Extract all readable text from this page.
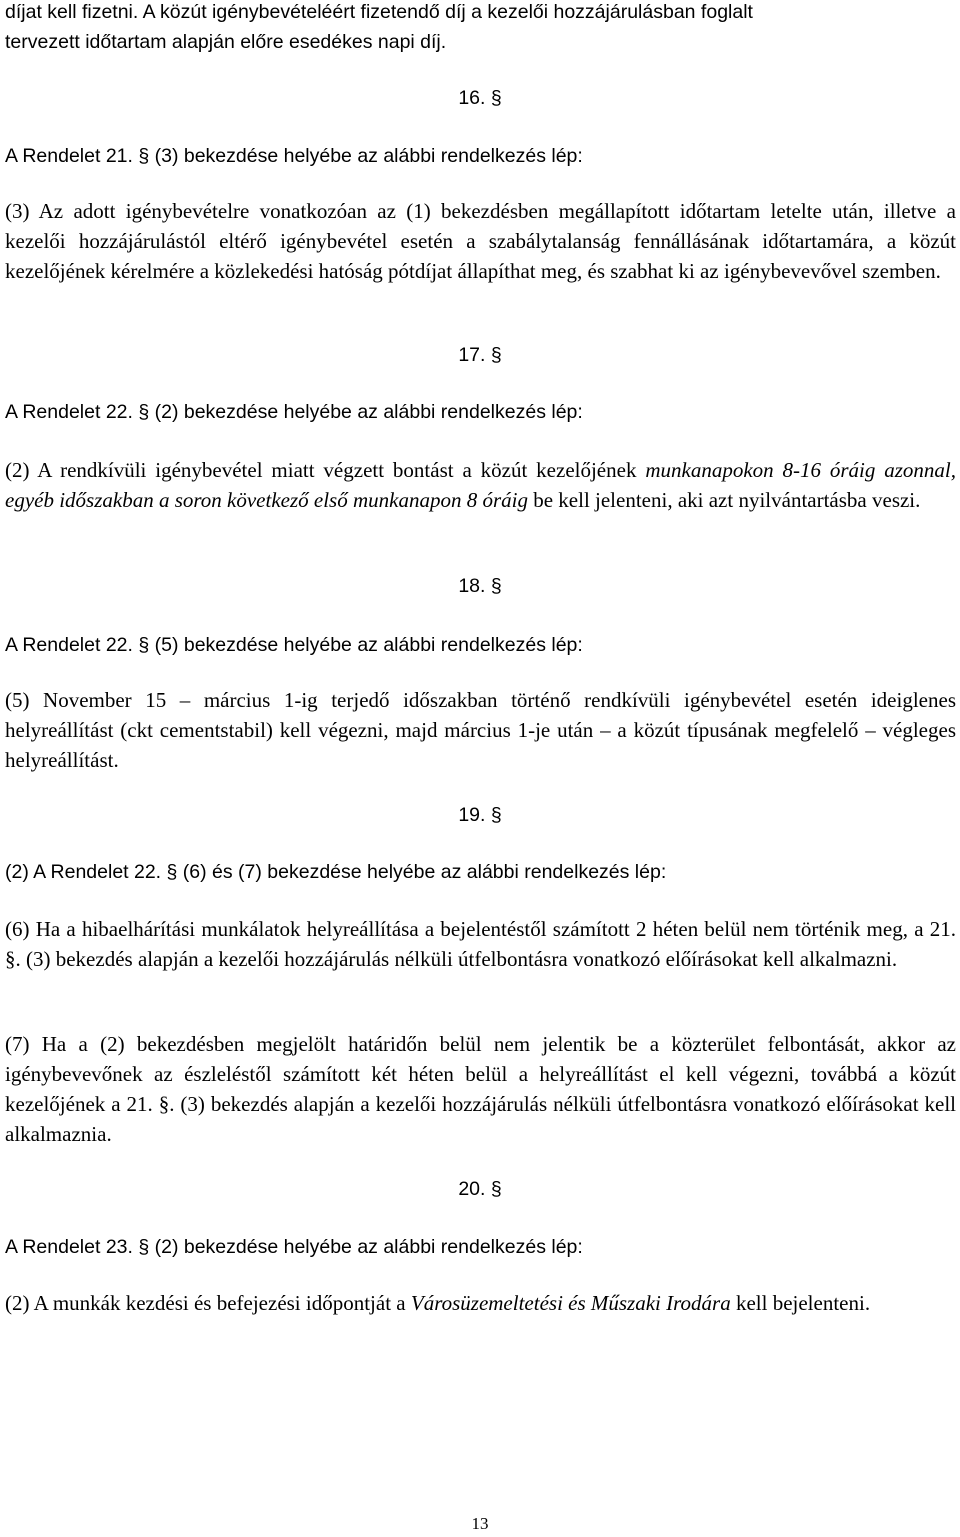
díjat kell fizetni. A közút igénybevételéért fizetendő díj a kezelői hozzájárulásban foglalt
tervezett időtartam alapján előre esedékes napi díj.
16. §
A Rendelet 21. § (3) bekezdése helyébe az alábbi rendelkezés lép:

(3) Az adott igénybevételre vonatkozóan az (1) bekezdésben megállapított időtartam letelte után, illetve a kezelői hozzájárulástól eltérő igénybevétel esetén a szabálytalanság fennállásának időtartamára, a közút kezelőjének kérelmére a közlekedési hatóság pótdíjat állapíthat meg, és szabhat ki az igénybevevővel szemben.

17. §
A Rendelet 22. § (2) bekezdése helyébe az alábbi rendelkezés lép:

(2) A rendkívüli igénybevétel miatt végzett bontást a közút kezelőjének munkanapokon 8-16 óráig azonnal, egyéb időszakban a soron következő első munkanapon 8 óráig be kell jelenteni, aki azt nyilvántartásba veszi.

18. §
A Rendelet 22. § (5) bekezdése helyébe az alábbi rendelkezés lép:

(5) November 15 – március 1-ig terjedő időszakban történő rendkívüli igénybevétel esetén ideiglenes helyreállítást (ckt cementstabil) kell végezni, majd március 1-je után – a közút típusának megfelelő – végleges helyreállítást.

19. §
(2) A Rendelet 22. § (6) és (7) bekezdése helyébe az alábbi rendelkezés lép:

(6) Ha a hibaelhárítási munkálatok helyreállítása a bejelentéstől számított 2 héten belül nem történik meg, a 21. §. (3) bekezdés alapján a kezelői hozzájárulás nélküli útfelbontásra vonatkozó előírásokat kell alkalmazni.

(7) Ha a (2) bekezdésben megjelölt határidőn belül nem jelentik be a közterület felbontását, akkor az igénybevevőnek az észleléstől számított két héten belül a helyreállítást el kell végezni, továbbá a közút kezelőjének a 21. §. (3) bekezdés alapján a kezelői hozzájárulás nélküli útfelbontásra vonatkozó előírásokat kell alkalmaznia.

20. §
A Rendelet 23. § (2) bekezdése helyébe az alábbi rendelkezés lép:

(2) A munkák kezdési és befejezési időpontját a Városüzemeltetési és Műszaki Irodára kell bejelenteni.

13
